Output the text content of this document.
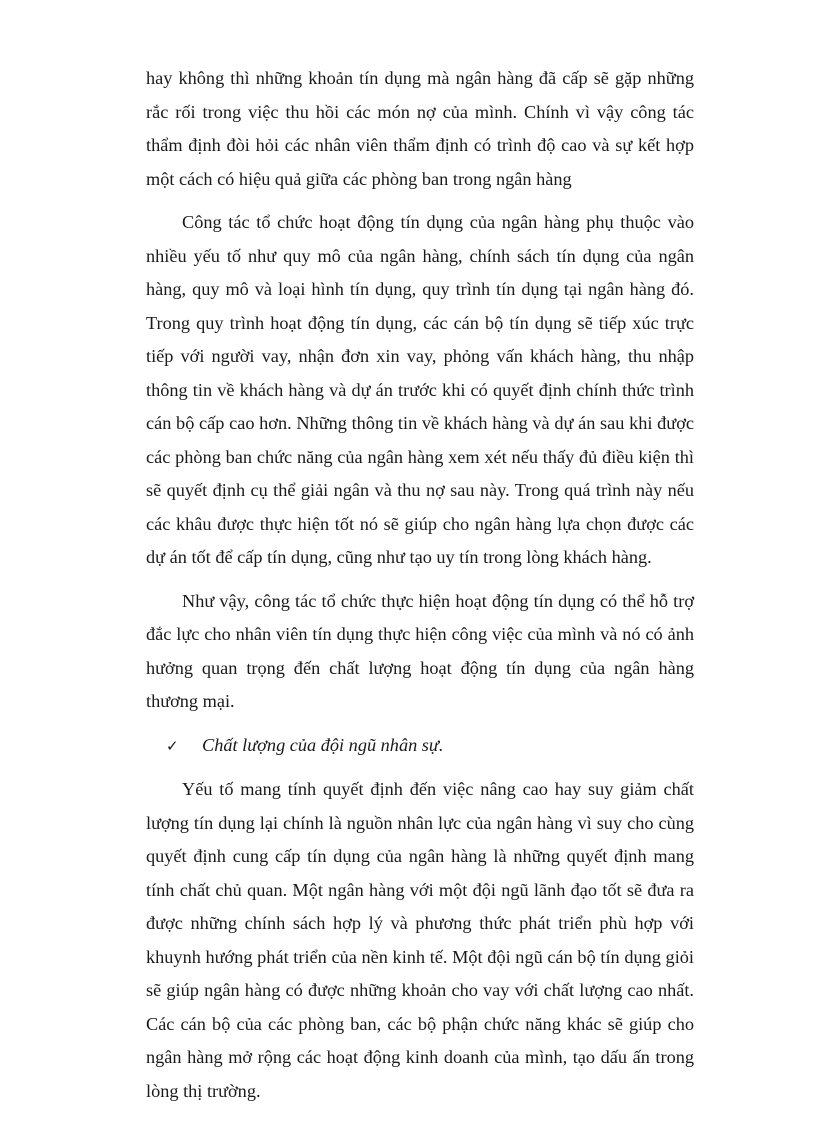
hay không thì những khoản tín dụng mà ngân hàng đã cấp sẽ gặp những rắc rối trong việc thu hồi các món nợ của mình. Chính vì vậy công tác thẩm định đòi hỏi các nhân viên thẩm định có trình độ cao và sự kết hợp một cách có hiệu quả giữa các phòng ban trong ngân hàng

Công tác tổ chức hoạt động tín dụng của ngân hàng phụ thuộc vào nhiều yếu tố như quy mô của ngân hàng, chính sách tín dụng của ngân hàng, quy mô và loại hình tín dụng, quy trình tín dụng tại ngân hàng đó. Trong quy trình hoạt động tín dụng, các cán bộ tín dụng sẽ tiếp xúc trực tiếp với người vay, nhận đơn xin vay, phỏng vấn khách hàng, thu nhập thông tin về khách hàng và dự án trước khi có quyết định chính thức trình cán bộ cấp cao hơn. Những thông tin về khách hàng và dự án sau khi được các phòng ban chức năng của ngân hàng xem xét nếu thấy đủ điều kiện thì sẽ quyết định cụ thể giải ngân và thu nợ sau này. Trong quá trình này nếu các khâu được thực hiện tốt nó sẽ giúp cho ngân hàng lựa chọn được các dự án tốt để cấp tín dụng, cũng như tạo uy tín trong lòng khách hàng.

Như vậy, công tác tổ chức thực hiện hoạt động tín dụng có thể hỗ trợ đắc lực cho nhân viên tín dụng thực hiện công việc của mình và nó có ảnh hưởng quan trọng đến chất lượng hoạt động tín dụng của ngân hàng thương mại.

✓	Chất lượng của đội ngũ nhân sự.

Yếu tố mang tính quyết định đến việc nâng cao hay suy giảm chất lượng tín dụng lại chính là nguồn nhân lực của ngân hàng vì suy cho cùng quyết định cung cấp tín dụng của ngân hàng là những quyết định mang tính chất chủ quan. Một ngân hàng với một đội ngũ lãnh đạo tốt sẽ đưa ra được những chính sách hợp lý và phương thức phát triển phù hợp với khuynh hướng phát triển của nền kinh tế. Một đội ngũ cán bộ tín dụng giỏi sẽ giúp ngân hàng có được những khoản cho vay với chất lượng cao nhất. Các cán bộ của các phòng ban, các bộ phận chức năng khác sẽ giúp cho ngân hàng mở rộng các hoạt động kinh doanh của mình, tạo dấu ấn trong lòng thị trường.
